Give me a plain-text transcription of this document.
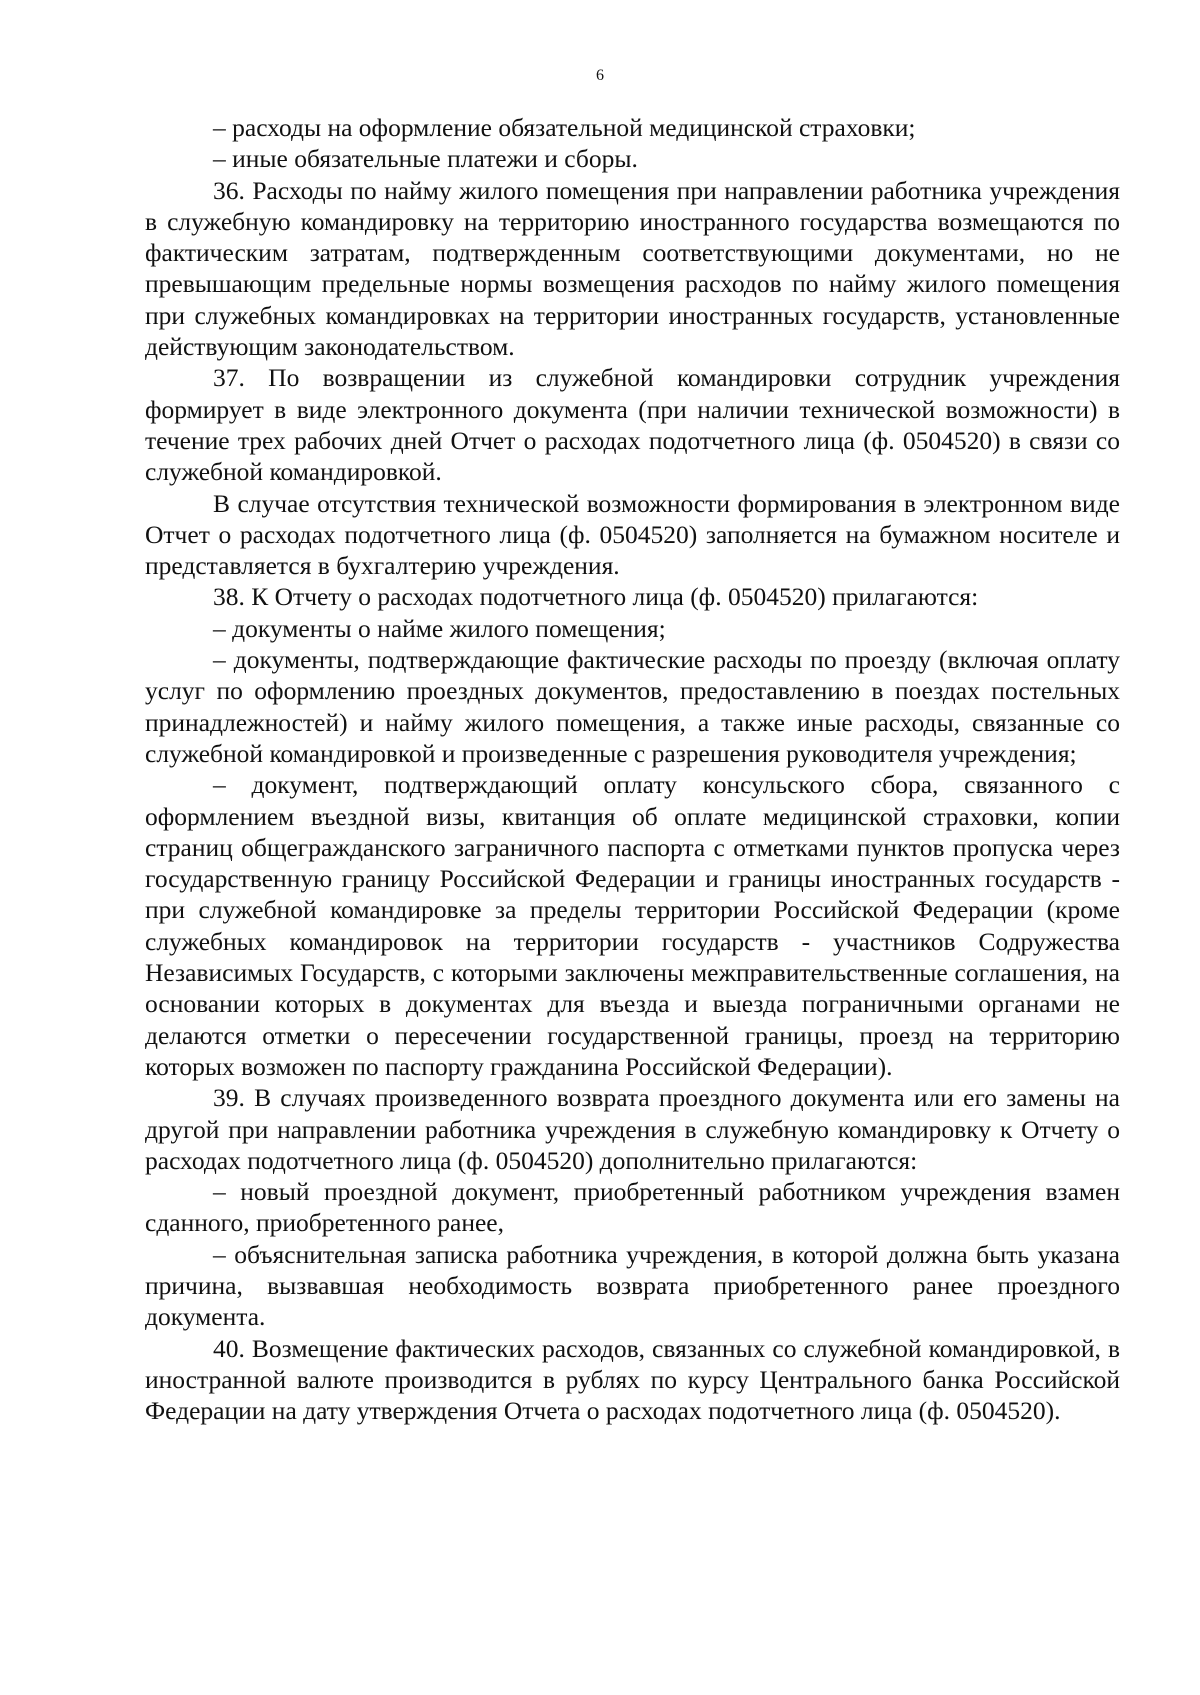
6

– расходы на оформление обязательной медицинской страховки;

– иные обязательные платежи и сборы.

36. Расходы по найму жилого помещения при направлении работника учреждения в служебную командировку на территорию иностранного государства возмещаются по фактическим затратам, подтвержденным соответствующими документами, но не превышающим предельные нормы возмещения расходов по найму жилого помещения при служебных командировках на территории иностранных государств, установленные действующим законодательством.

37. По возвращении из служебной командировки сотрудник учреждения формирует в виде электронного документа (при наличии технической возможности) в течение трех рабочих дней Отчет о расходах подотчетного лица (ф. 0504520) в связи со служебной командировкой.

В случае отсутствия технической возможности формирования в электронном виде Отчет о расходах подотчетного лица (ф. 0504520) заполняется на бумажном носителе и представляется в бухгалтерию учреждения.

38. К Отчету о расходах подотчетного лица (ф. 0504520) прилагаются:

– документы о найме жилого помещения;

– документы, подтверждающие фактические расходы по проезду (включая оплату услуг по оформлению проездных документов, предоставлению в поездах постельных принадлежностей) и найму жилого помещения, а также иные расходы, связанные со служебной командировкой и произведенные с разрешения руководителя учреждения;

– документ, подтверждающий оплату консульского сбора, связанного с оформлением въездной визы, квитанция об оплате медицинской страховки, копии страниц общегражданского заграничного паспорта с отметками пунктов пропуска через государственную границу Российской Федерации и границы иностранных государств - при служебной командировке за пределы территории Российской Федерации (кроме служебных командировок на территории государств - участников Содружества Независимых Государств, с которыми заключены межправительственные соглашения, на основании которых в документах для въезда и выезда пограничными органами не делаются отметки о пересечении государственной границы, проезд на территорию которых возможен по паспорту гражданина Российской Федерации).

39. В случаях произведенного возврата проездного документа или его замены на другой при направлении работника учреждения в служебную командировку к Отчету о расходах подотчетного лица (ф. 0504520) дополнительно прилагаются:

– новый проездной документ, приобретенный работником учреждения взамен сданного, приобретенного ранее,

– объяснительная записка работника учреждения, в которой должна быть указана причина, вызвавшая необходимость возврата приобретенного ранее проездного документа.

40. Возмещение фактических расходов, связанных со служебной командировкой, в иностранной валюте производится в рублях по курсу Центрального банка Российской Федерации на дату утверждения Отчета о расходах подотчетного лица (ф. 0504520).
